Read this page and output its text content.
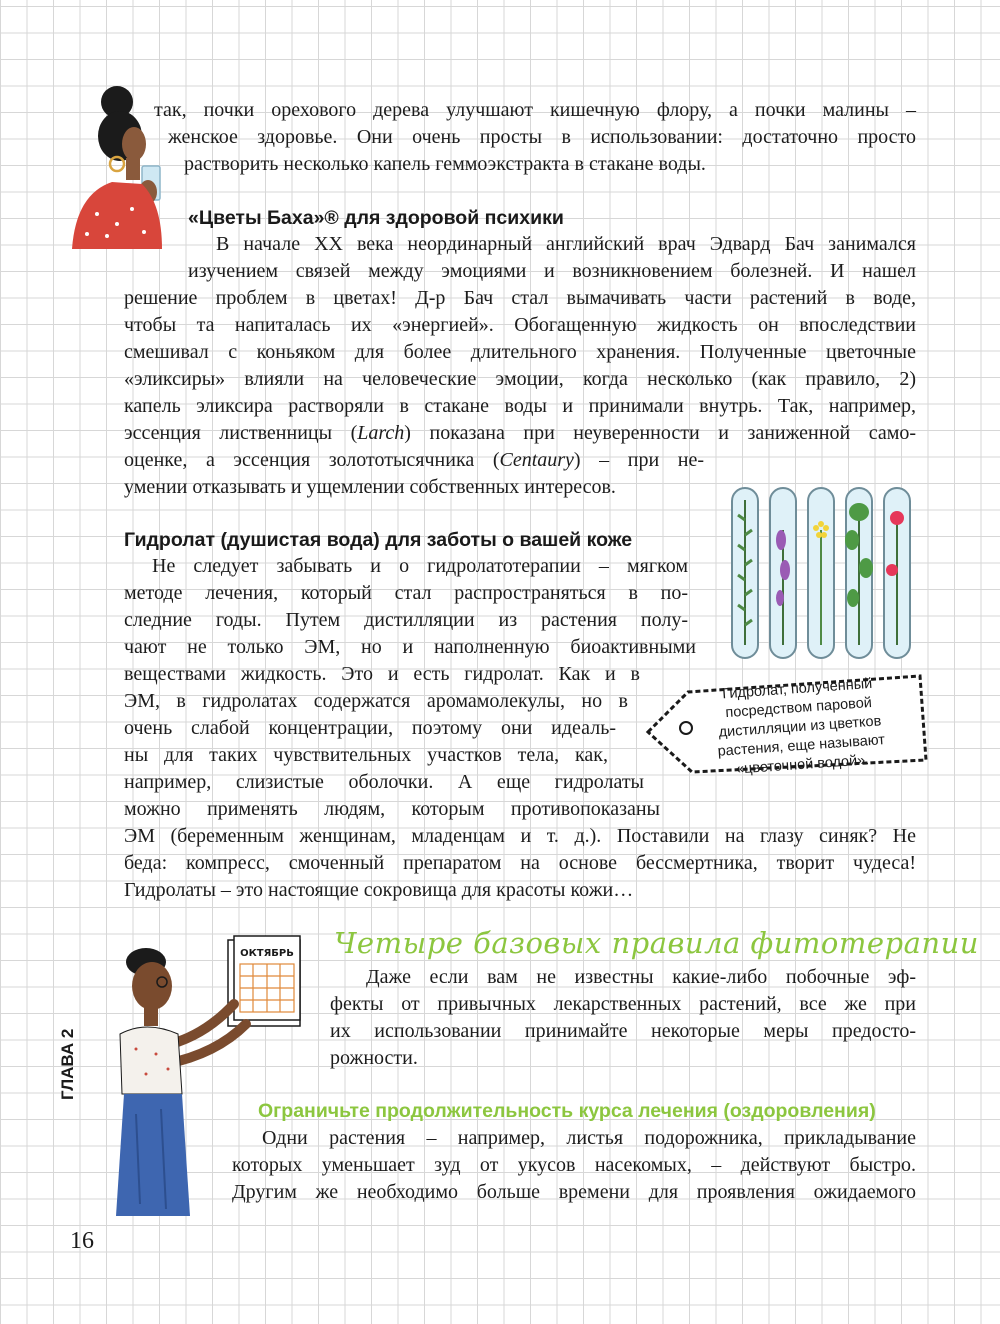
так, почки орехового дерева улучшают кишечную флору, а почки малины –
женское здоровье. Они очень просты в использовании: достаточно просто
растворить несколько капель геммоэкстракта в стакане воды.
«Цветы Баха»® для здоровой психики
В начале XX века неординарный английский врач Эдвард Бач занимался
изучением связей между эмоциями и возникновением болезней. И нашел
решение проблем в цветах! Д-р Бач стал вымачивать части растений в воде,
чтобы та напиталась их «энергией». Обогащенную жидкость он впоследствии
смешивал с коньяком для более длительного хранения. Полученные цветочные
«эликсиры» влияли на человеческие эмоции, когда несколько (как правило, 2)
капель эликсира растворяли в стакане воды и принимали внутрь. Так, например,
эссенция лиственницы (Larch) показана при неуверенности и заниженной само-
оценке, а эссенция золототысячника (Centaury) – при не-
умении отказывать и ущемлении собственных интересов.
Гидролат (душистая вода) для заботы о вашей коже
Не следует забывать и о гидролатотерапии – мягком
методе лечения, который стал распространяться в по-
следние годы. Путем дистилляции из растения полу-
чают не только ЭМ, но и наполненную биоактивными
веществами жидкость. Это и есть гидролат. Как и в
ЭМ, в гидролатах содержатся аромамолекулы, но в
очень слабой концентрации, поэтому они идеаль-
ны для таких чувствительных участков тела, как,
например, слизистые оболочки. А еще гидролаты
можно применять людям, которым противопоказаны
ЭМ (беременным женщинам, младенцам и т. д.). Поставили на глазу синяк? Не
беда: компресс, смоченный препаратом на основе бессмертника, творит чудеса!
Гидролаты – это настоящие сокровища для красоты кожи…
Гидролат, полученный посредством паровой дистилляции из цветков растения, еще называют «цветочной водой».
Четыре базовых правила фитотерапии
ОКТЯБРЬ
Даже если вам не известны какие-либо побочные эф-
фекты от привычных лекарственных растений, все же при
их использовании принимайте некоторые меры предосто-
рожности.
Ограничьте продолжительность курса лечения (оздоровления)
Одни растения – например, листья подорожника, прикладывание
которых уменьшает зуд от укусов насекомых, – действуют быстро.
Другим же необходимо больше времени для проявления ожидаемого
ГЛАВА 2
16
